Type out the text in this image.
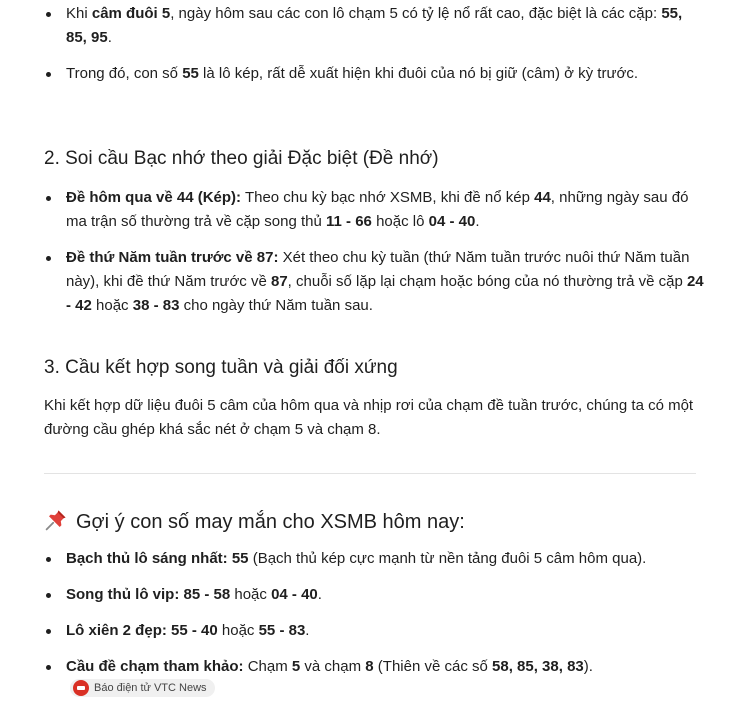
Khi câm đuôi 5, ngày hôm sau các con lô chạm 5 có tỷ lệ nổ rất cao, đặc biệt là các cặp: 55, 85, 95.
Trong đó, con số 55 là lô kép, rất dễ xuất hiện khi đuôi của nó bị giữ (câm) ở kỳ trước.
2. Soi cầu Bạc nhớ theo giải Đặc biệt (Đề nhớ)
Đề hôm qua về 44 (Kép): Theo chu kỳ bạc nhớ XSMB, khi đề nổ kép 44, những ngày sau đó ma trận số thường trả về cặp song thủ 11 - 66 hoặc lô 04 - 40.
Đề thứ Năm tuần trước về 87: Xét theo chu kỳ tuần (thứ Năm tuần trước nuôi thứ Năm tuần này), khi đề thứ Năm trước về 87, chuỗi số lặp lại chạm hoặc bóng của nó thường trả về cặp 24 - 42 hoặc 38 - 83 cho ngày thứ Năm tuần sau.
3. Cầu kết hợp song tuần và giải đối xứng

Khi kết hợp dữ liệu đuôi 5 câm của hôm qua và nhịp rơi của chạm đề tuần trước, chúng ta có một đường cầu ghép khá sắc nét ở chạm 5 và chạm 8.

Gợi ý con số may mắn cho XSMB hôm nay:
Bạch thủ lô sáng nhất: 55 (Bạch thủ kép cực mạnh từ nền tảng đuôi 5 câm hôm qua).
Song thủ lô vip: 85 - 58 hoặc 04 - 40.
Lô xiên 2 đẹp: 55 - 40 hoặc 55 - 83.
Cầu đề chạm tham khảo: Chạm 5 và chạm 8 (Thiên về các số 58, 85, 38, 83).
Báo điện tử VTC News
